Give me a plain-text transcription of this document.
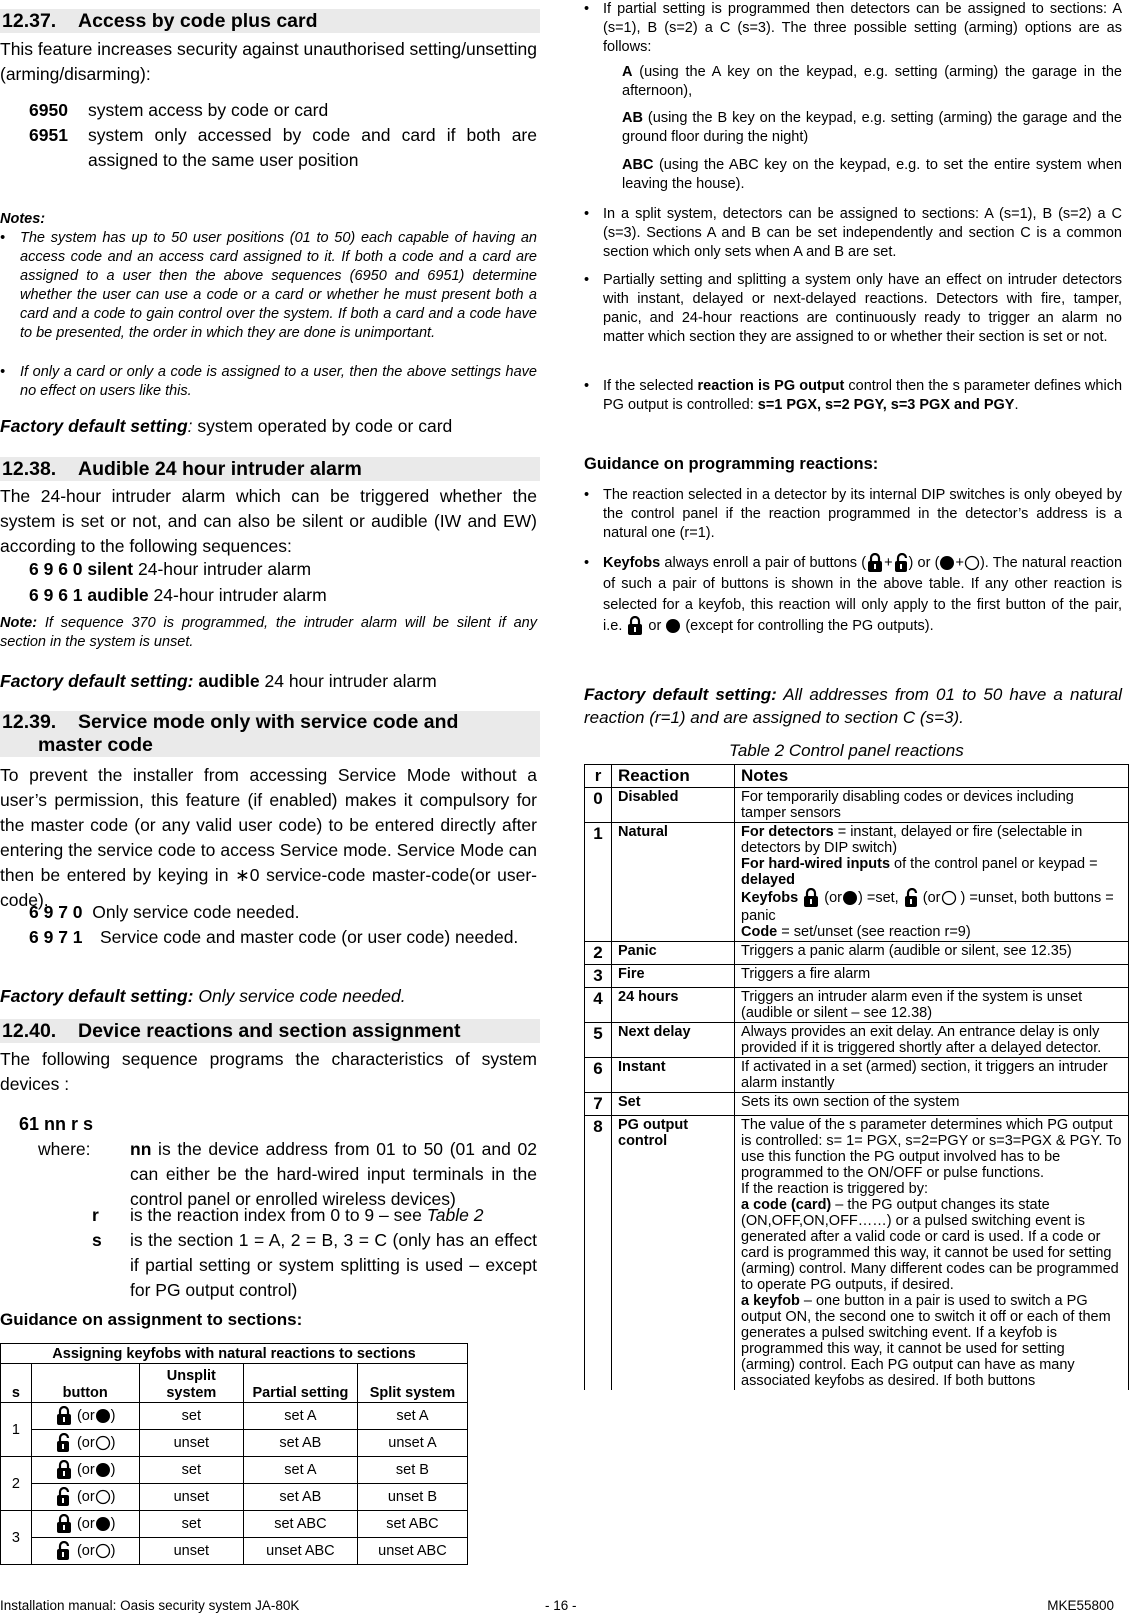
12.37. Access by code plus card
This feature increases security against unauthorised setting/unsetting (arming/disarming):
6950 system access by code or card
6951 system only accessed by code and card if both are assigned to the same user position
Notes:
• The system has up to 50 user positions (01 to 50) each capable of having an access code and an access card assigned to it. If both a code and a card are assigned to a user then the above sequences (6950 and 6951) determine whether the user can use a code or a card or whether he must present both a card and a code to gain control over the system. If both a card and a code have to be presented, the order in which they are done is unimportant.
• If only a card or only a code is assigned to a user, then the above settings have no effect on users like this.
Factory default setting: system operated by code or card
12.38. Audible 24 hour intruder alarm
The 24-hour intruder alarm which can be triggered whether the system is set or not, and can also be silent or audible (IW and EW) according to the following sequences:
6 9 6 0 silent 24-hour intruder alarm
6 9 6 1 audible 24-hour intruder alarm
Note: If sequence 370 is programmed, the intruder alarm will be silent if any section in the system is unset.
Factory default setting: audible 24 hour intruder alarm
12.39. Service mode only with service code and
master code
To prevent the installer from accessing Service Mode without a user’s permission, this feature (if enabled) makes it compulsory for the master code (or any valid user code) to be entered directly after entering the service code to access Service mode. Service Mode can then be entered by keying in ∗0 service-code master-code(or user-code).
6 9 7 0 Only service code needed.
6 9 7 1 Service code and master code (or user code) needed.
Factory default setting: Only service code needed.
12.40. Device reactions and section assignment
The following sequence programs the characteristics of system devices :
61 nn r s
where: nn is the device address from 01 to 50 (01 and 02 can either be the hard-wired input terminals in the control panel or enrolled wireless devices)
r is the reaction index from 0 to 9 – see Table 2
s is the section 1 = A, 2 = B, 3 = C (only has an effect if partial setting or system splitting is used – except for PG output control)
Guidance on assignment to sections:
Assigning keyfobs with natural reactions to sections				
s	button	Unsplit system	Partial setting	Split system
1	(or )	set	set A	set A
	(or )	unset	set AB	unset A
2	(or )	set	set A	set B
	(or )	unset	set AB	unset B
3	(or )	set	set ABC	set ABC
	(or )	unset	unset ABC	unset ABC
• If partial setting is programmed then detectors can be assigned to sections: A (s=1), B (s=2) a C (s=3). The three possible setting (arming) options are as follows:
A (using the A key on the keypad, e.g. setting (arming) the garage in the afternoon),
AB (using the B key on the keypad, e.g. setting (arming) the garage and the ground floor during the night)
ABC (using the ABC key on the keypad, e.g. to set the entire system when leaving the house).
• In a split system, detectors can be assigned to sections: A (s=1), B (s=2) a C (s=3). Sections A and B can be set independently and section C is a common section which only sets when A and B are set.
• Partially setting and splitting a system only have an effect on intruder detectors with instant, delayed or next-delayed reactions. Detectors with fire, tamper, panic, and 24-hour reactions are continuously ready to trigger an alarm no matter which section they are assigned to or whether their section is set or not.
• If the selected reaction is PG output control then the s parameter defines which PG output is controlled: s=1 PGX, s=2 PGY, s=3 PGX and PGY.
Guidance on programming reactions:
• The reaction selected in a detector by its internal DIP switches is only obeyed by the control panel if the reaction programmed in the detector’s address is a natural one (r=1).
• Keyfobs always enroll a pair of buttons ( + ) or ( + ). The natural reaction of such a pair of buttons is shown in the above table. If any other reaction is selected for a keyfob, this reaction will only apply to the first button of the pair, i.e.  or  (except for controlling the PG outputs).
Factory default setting: All addresses from 01 to 50 have a natural reaction (r=1) and are assigned to section C (s=3).
Table 2 Control panel reactions
r	Reaction	Notes
0	Disabled	For temporarily disabling codes or devices including tamper sensors
1	Natural	For detectors = instant, delayed or fire (selectable in detectors by DIP switch)
For hard-wired inputs of the control panel or keypad = delayed
Keyfobs  (or ) =set,  (or ) =unset, both buttons = panic
Code = set/unset (see reaction r=9)
2	Panic	Triggers a panic alarm (audible or silent, see 12.35)
3	Fire	Triggers a fire alarm
4	24 hours	Triggers an intruder alarm even if the system is unset (audible or silent – see 12.38)
5	Next delay	Always provides an exit delay. An entrance delay is only provided if it is triggered shortly after a delayed detector.
6	Instant	If activated in a set (armed) section, it triggers an intruder alarm instantly
7	Set	Sets its own section of the system
8	PG output control	The value of the s parameter determines which PG output is controlled: s= 1= PGX, s=2=PGY or s=3=PGX & PGY. To use this function the PG output involved has to be programmed to the ON/OFF or pulse functions.
If the reaction is triggered by:
a code (card) – the PG output changes its state (ON,OFF,ON,OFF……) or a pulsed switching event is generated after a valid code or card is used. If a code or card is programmed this way, it cannot be used for setting (arming) control. Many different codes can be programmed to operate PG outputs, if desired.
a keyfob – one button in a pair is used to switch a PG output ON, the second one to switch it off or each of them generates a pulsed switching event. If a keyfob is programmed this way, it cannot be used for setting (arming) control. Each PG output can have as many associated keyfobs as desired. If both buttons
Installation manual: Oasis security system JA-80K	- 16 -	MKE55800
